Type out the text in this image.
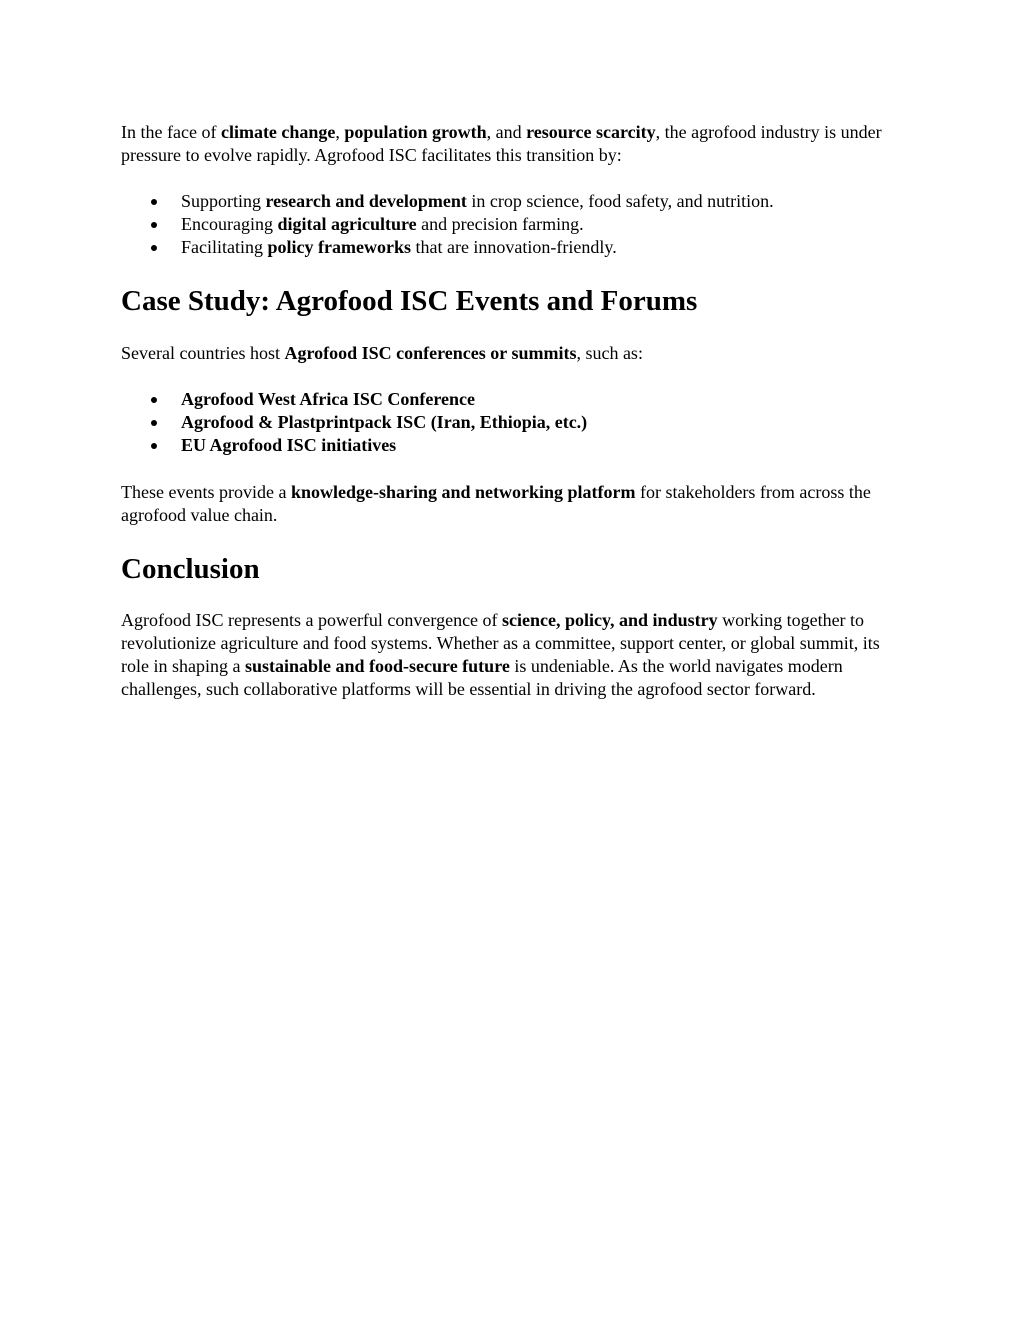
In the face of climate change, population growth, and resource scarcity, the agrofood industry is under pressure to evolve rapidly. Agrofood ISC facilitates this transition by:

Supporting research and development in crop science, food safety, and nutrition.
Encouraging digital agriculture and precision farming.
Facilitating policy frameworks that are innovation-friendly.
Case Study: Agrofood ISC Events and Forums

Several countries host Agrofood ISC conferences or summits, such as:

Agrofood West Africa ISC Conference
Agrofood & Plastprintpack ISC (Iran, Ethiopia, etc.)
EU Agrofood ISC initiatives

These events provide a knowledge-sharing and networking platform for stakeholders from across the agrofood value chain.

Conclusion

Agrofood ISC represents a powerful convergence of science, policy, and industry working together to revolutionize agriculture and food systems. Whether as a committee, support center, or global summit, its role in shaping a sustainable and food-secure future is undeniable. As the world navigates modern challenges, such collaborative platforms will be essential in driving the agrofood sector forward.
